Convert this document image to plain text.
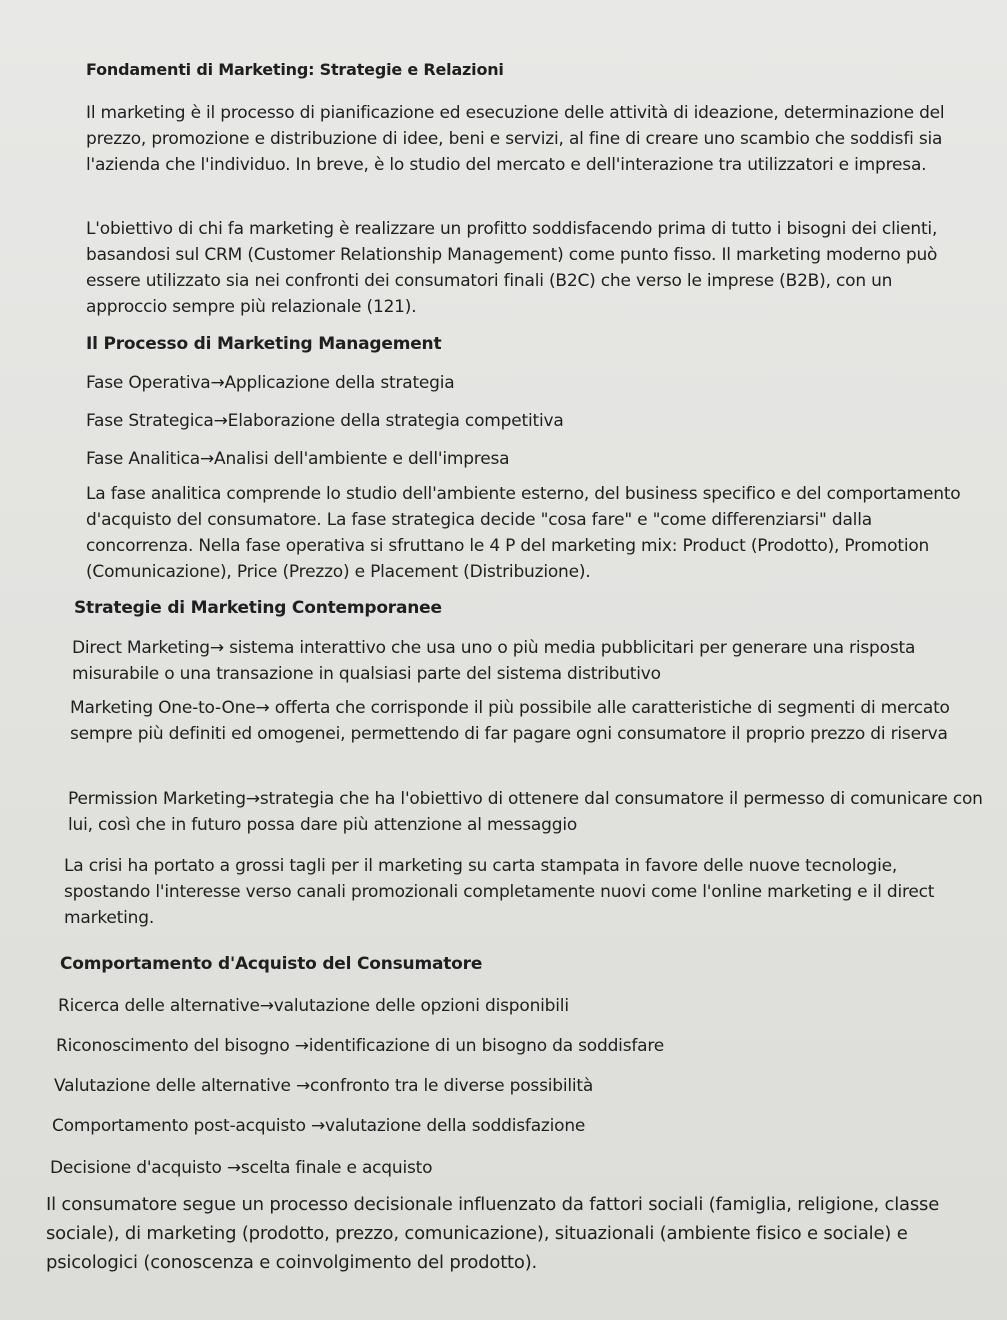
Fondamenti di Marketing: Strategie e Relazioni
Il marketing è il processo di pianificazione ed esecuzione delle attività di ideazione, determinazione del prezzo, promozione e distribuzione di idee, beni e servizi, al fine di creare uno scambio che soddisfi sia l'azienda che l'individuo. In breve, è lo studio del mercato e dell'interazione tra utilizzatori e impresa.
L'obiettivo di chi fa marketing è realizzare un profitto soddisfacendo prima di tutto i bisogni dei clienti, basandosi sul CRM (Customer Relationship Management) come punto fisso. Il marketing moderno può essere utilizzato sia nei confronti dei consumatori finali (B2C) che verso le imprese (B2B), con un approccio sempre più relazionale (121).
Il Processo di Marketing Management
Fase Operativa→Applicazione della strategia
Fase Strategica→Elaborazione della strategia competitiva
Fase Analitica→Analisi dell'ambiente e dell'impresa
La fase analitica comprende lo studio dell'ambiente esterno, del business specifico e del comportamento d'acquisto del consumatore. La fase strategica decide "cosa fare" e "come differenziarsi" dalla concorrenza. Nella fase operativa si sfruttano le 4 P del marketing mix: Product (Prodotto), Promotion (Comunicazione), Price (Prezzo) e Placement (Distribuzione).
Strategie di Marketing Contemporanee
Direct Marketing→ sistema interattivo che usa uno o più media pubblicitari per generare una risposta misurabile o una transazione in qualsiasi parte del sistema distributivo
Marketing One-to-One→ offerta che corrisponde il più possibile alle caratteristiche di segmenti di mercato sempre più definiti ed omogenei, permettendo di far pagare ogni consumatore il proprio prezzo di riserva
Permission Marketing→strategia che ha l'obiettivo di ottenere dal consumatore il permesso di comunicare con lui, così che in futuro possa dare più attenzione al messaggio
La crisi ha portato a grossi tagli per il marketing su carta stampata in favore delle nuove tecnologie, spostando l'interesse verso canali promozionali completamente nuovi come l'online marketing e il direct marketing.
Comportamento d'Acquisto del Consumatore
Ricerca delle alternative→valutazione delle opzioni disponibili
Riconoscimento del bisogno →identificazione di un bisogno da soddisfare
Valutazione delle alternative →confronto tra le diverse possibilità
Comportamento post-acquisto →valutazione della soddisfazione
Decisione d'acquisto →scelta finale e acquisto
Il consumatore segue un processo decisionale influenzato da fattori sociali (famiglia, religione, classe sociale), di marketing (prodotto, prezzo, comunicazione), situazionali (ambiente fisico e sociale) e psicologici (conoscenza e coinvolgimento del prodotto).
